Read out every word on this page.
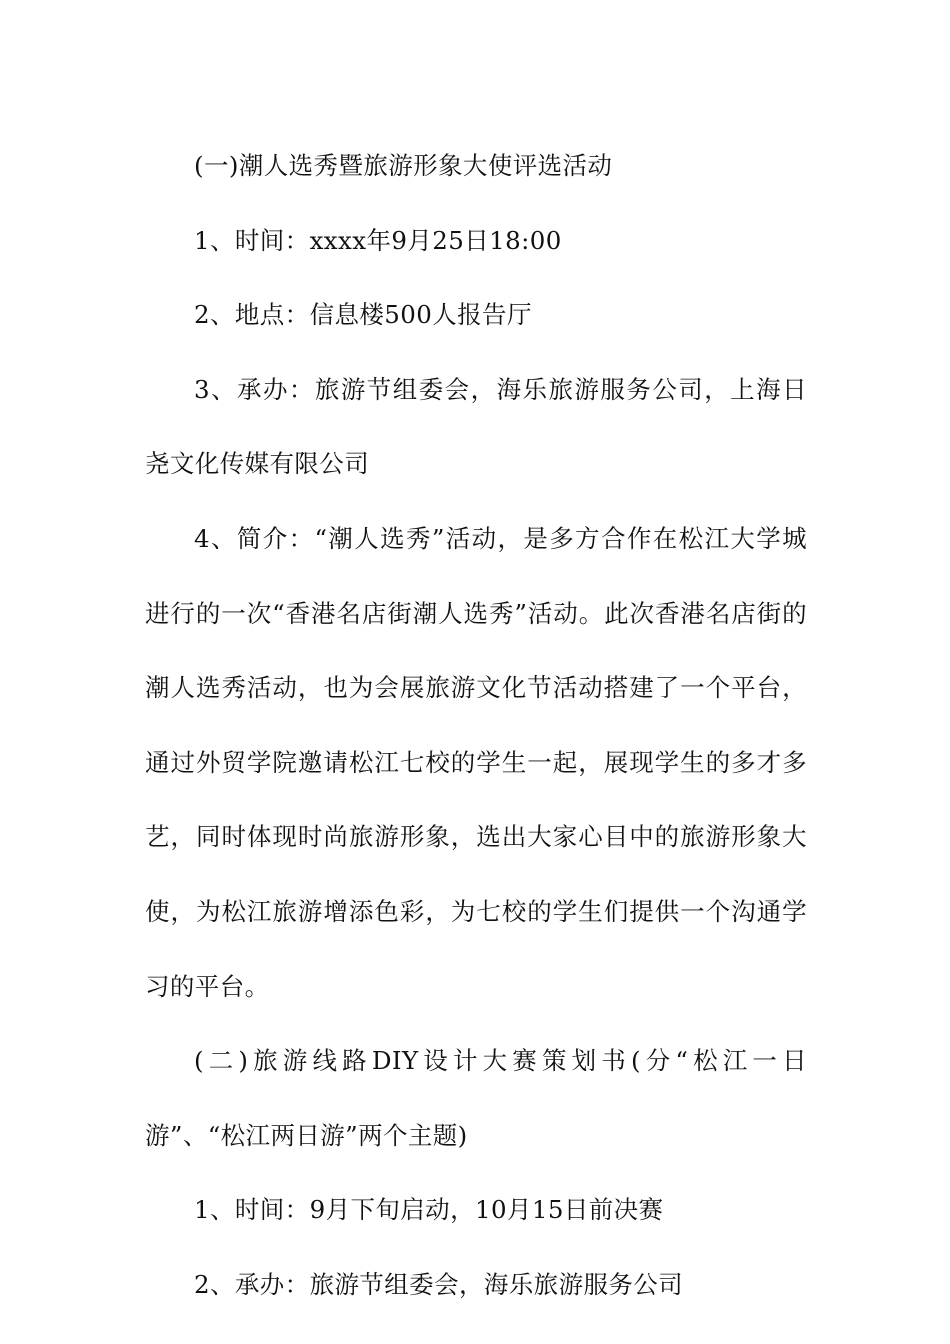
(一)潮人选秀暨旅游形象大使评选活动

1、时间：xxxx年9月25日18:00

2、地点：信息楼500人报告厅

3、承办：旅游节组委会，海乐旅游服务公司，上海日尧文化传媒有限公司

4、简介：“潮人选秀”活动，是多方合作在松江大学城进行的一次“香港名店街潮人选秀”活动。此次香港名店街的潮人选秀活动，也为会展旅游文化节活动搭建了一个平台，通过外贸学院邀请松江七校的学生一起，展现学生的多才多艺，同时体现时尚旅游形象，选出大家心目中的旅游形象大使，为松江旅游增添色彩，为七校的学生们提供一个沟通学习的平台。

(二)旅游线路DIY设计大赛策划书(分“松江一日游”、“松江两日游”两个主题)

1、时间：9月下旬启动，10月15日前决赛

2、承办：旅游节组委会，海乐旅游服务公司
